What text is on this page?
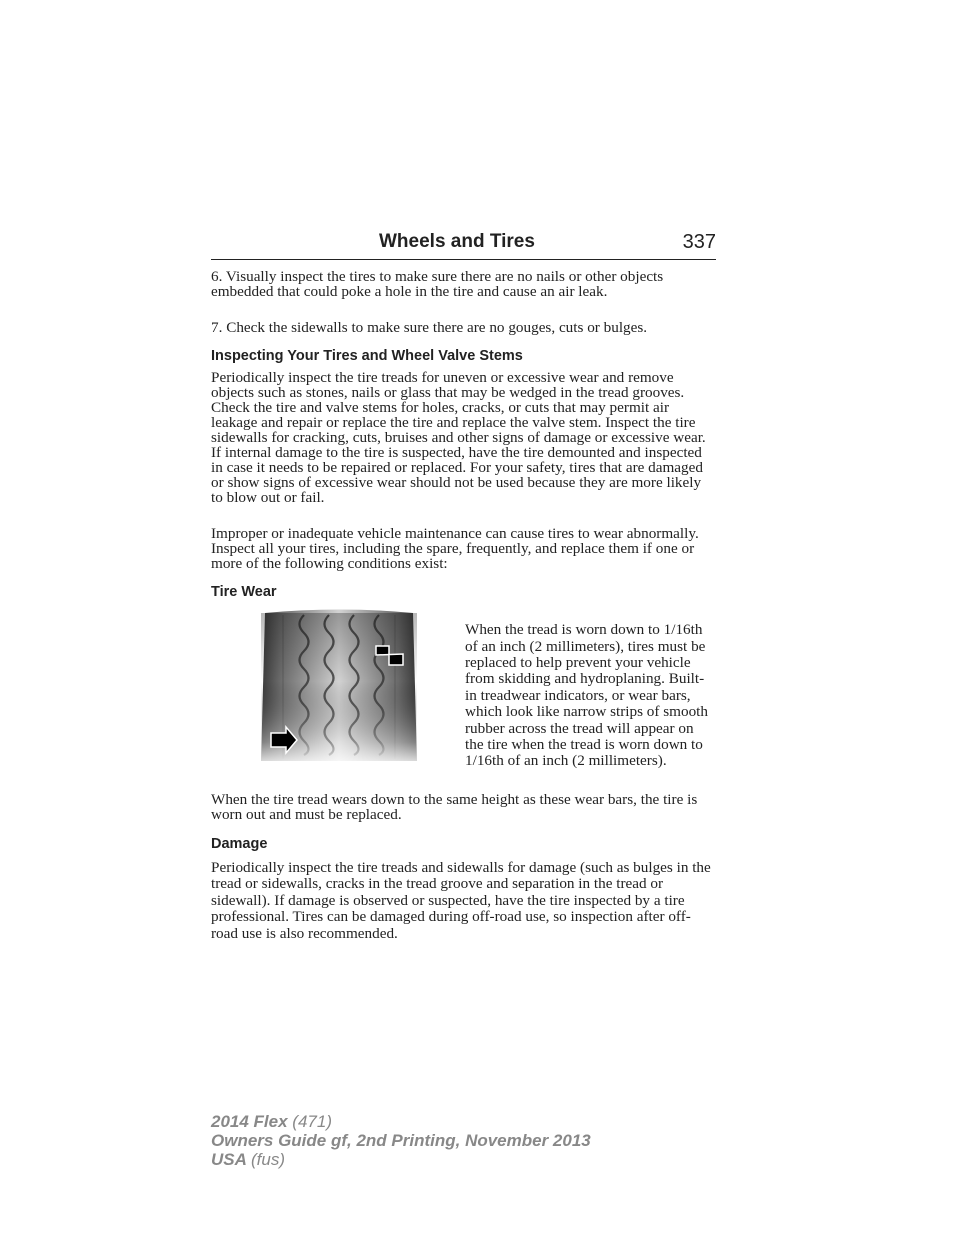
Wheels and Tires	337

6. Visually inspect the tires to make sure there are no nails or other objects embedded that could poke a hole in the tire and cause an air leak.

7. Check the sidewalls to make sure there are no gouges, cuts or bulges.

Inspecting Your Tires and Wheel Valve Stems

Periodically inspect the tire treads for uneven or excessive wear and remove objects such as stones, nails or glass that may be wedged in the tread grooves. Check the tire and valve stems for holes, cracks, or cuts that may permit air leakage and repair or replace the tire and replace the valve stem. Inspect the tire sidewalls for cracking, cuts, bruises and other signs of damage or excessive wear. If internal damage to the tire is suspected, have the tire demounted and inspected in case it needs to be repaired or replaced. For your safety, tires that are damaged or show signs of excessive wear should not be used because they are more likely to blow out or fail.

Improper or inadequate vehicle maintenance can cause tires to wear abnormally. Inspect all your tires, including the spare, frequently, and replace them if one or more of the following conditions exist:

Tire Wear

When the tread is worn down to 1/16th of an inch (2 millimeters), tires must be replaced to help prevent your vehicle from skidding and hydroplaning. Built-in treadwear indicators, or wear bars, which look like narrow strips of smooth rubber across the tread will appear on the tire when the tread is worn down to 1/16th of an inch (2 millimeters).

When the tire tread wears down to the same height as these wear bars, the tire is worn out and must be replaced.

Damage

Periodically inspect the tire treads and sidewalls for damage (such as bulges in the tread or sidewalls, cracks in the tread groove and separation in the tread or sidewall). If damage is observed or suspected, have the tire inspected by a tire professional. Tires can be damaged during off-road use, so inspection after off-road use is also recommended.

2014 Flex (471)
Owners Guide gf, 2nd Printing, November 2013
USA (fus)
